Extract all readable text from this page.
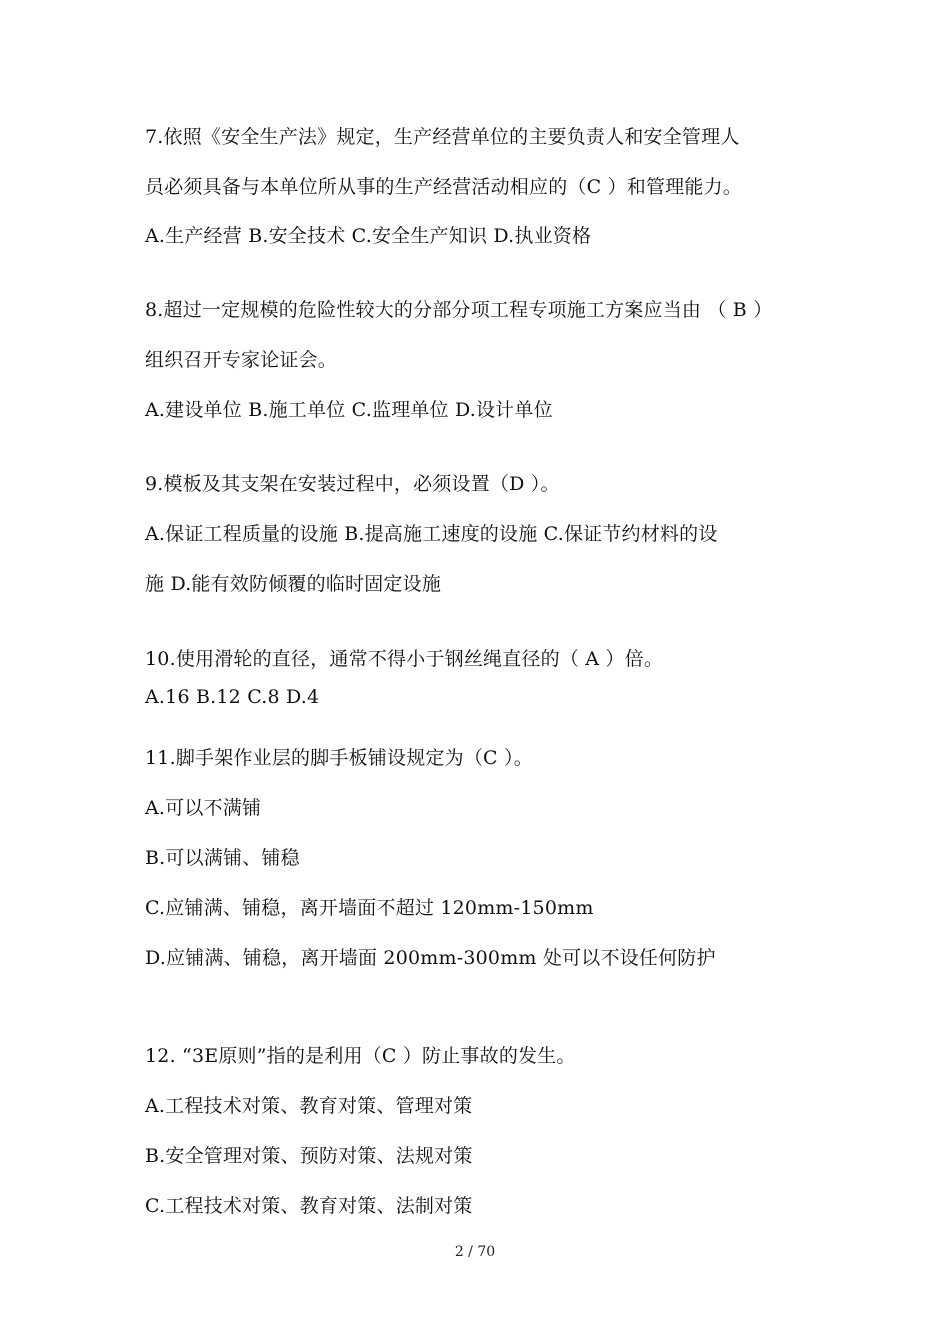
7.依照《安全生产法》规定，生产经营单位的主要负责人和安全管理人
员必须具备与本单位所从事的生产经营活动相应的（C ）和管理能力。
A.生产经营 B.安全技术 C.安全生产知识 D.执业资格
8.超过一定规模的危险性较大的分部分项工程专项施工方案应当由 （ B ）
组织召开专家论证会。
A.建设单位 B.施工单位 C.监理单位 D.设计单位
9.模板及其支架在安装过程中，必须设置（D ）。
A.保证工程质量的设施 B.提高施工速度的设施 C.保证节约材料的设
施 D.能有效防倾覆的临时固定设施
10.使用滑轮的直径，通常不得小于钢丝绳直径的（ A ）倍。
A.16 B.12 C.8 D.4
11.脚手架作业层的脚手板铺设规定为（C ）。
A.可以不满铺
B.可以满铺、铺稳
C.应铺满、铺稳，离开墙面不超过 120mm-150mm
D.应铺满、铺稳，离开墙面 200mm-300mm 处可以不设任何防护
12. “3E原则”指的是利用（C ）防止事故的发生。
A.工程技术对策、教育对策、管理对策
B.安全管理对策、预防对策、法规对策
C.工程技术对策、教育对策、法制对策
2 / 70
